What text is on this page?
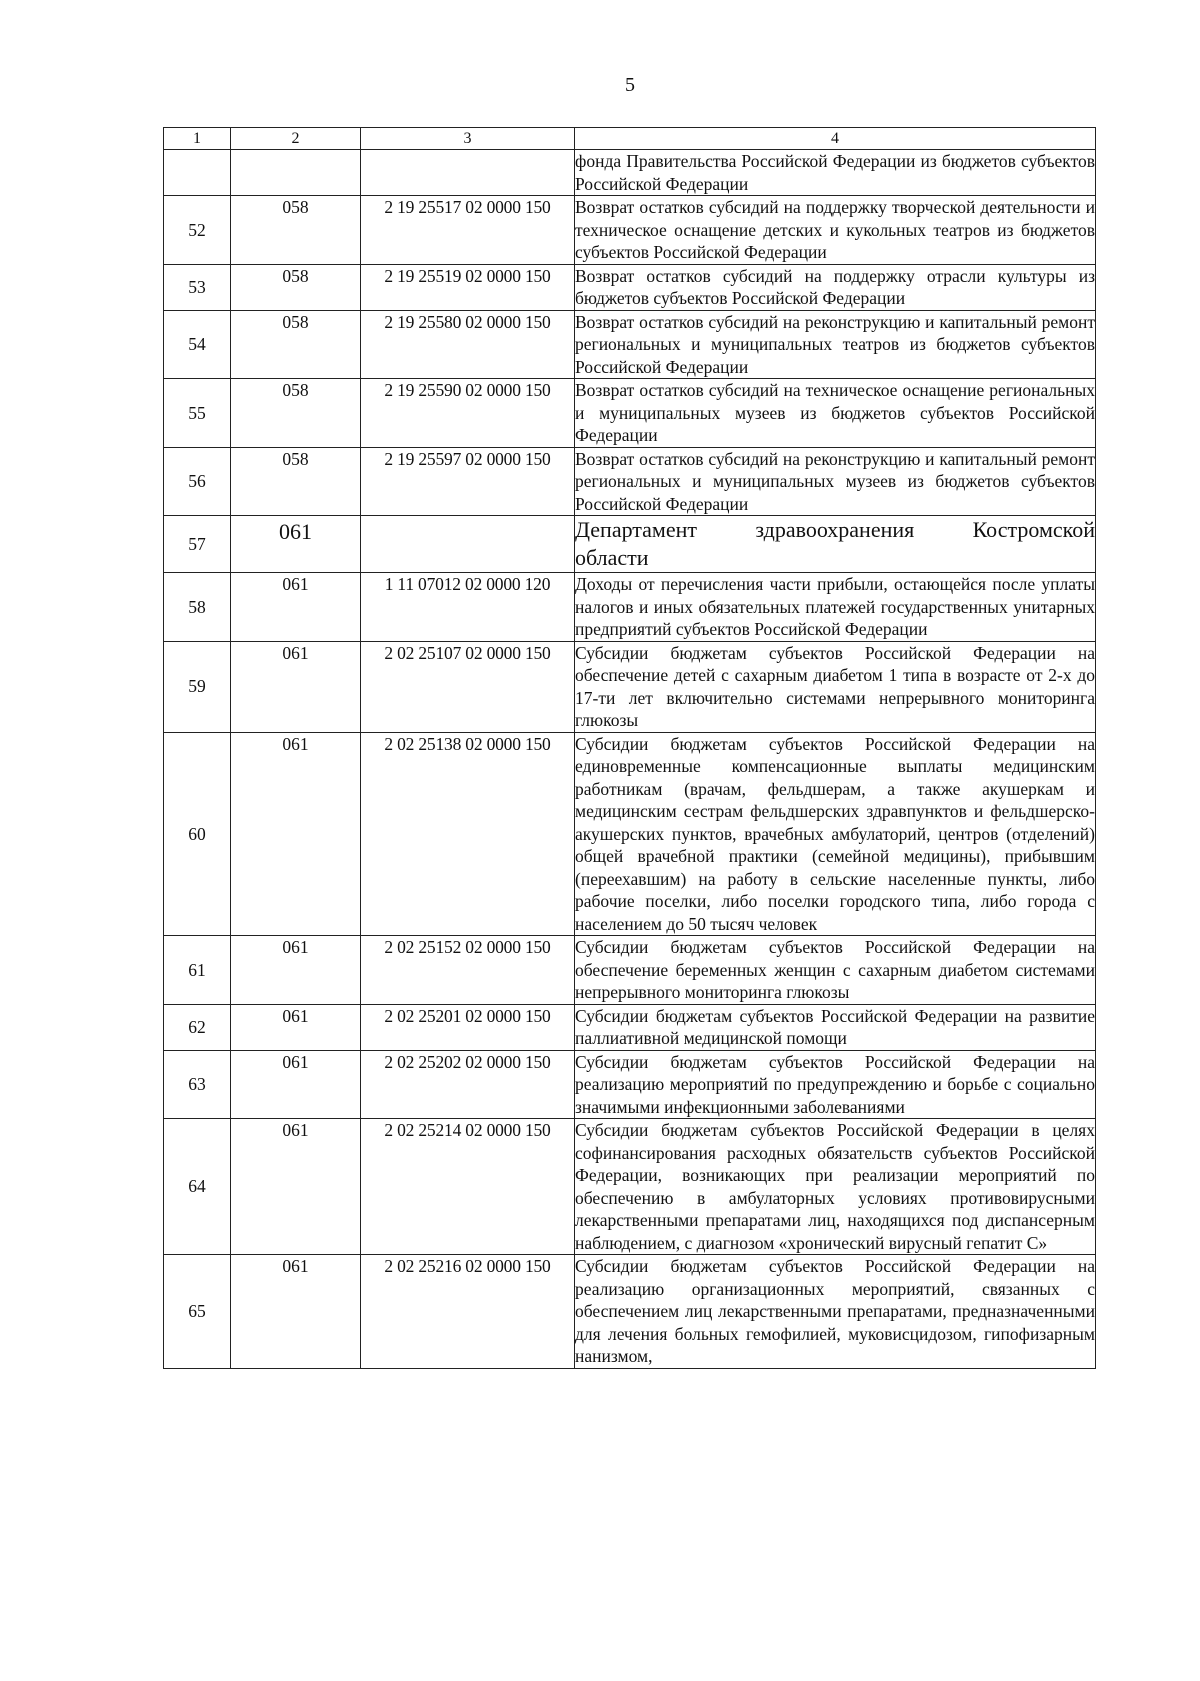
5
1	2	3	4
			фонда Правительства Российской Федерации из бюджетов субъектов Российской Федерации
52	058	2 19 25517 02 0000 150	Возврат остатков субсидий на поддержку творческой деятельности и техническое оснащение детских и кукольных театров из бюджетов субъектов Российской Федерации
53	058	2 19 25519 02 0000 150	Возврат остатков субсидий на поддержку отрасли культуры из бюджетов субъектов Российской Федерации
54	058	2 19 25580 02 0000 150	Возврат остатков субсидий на реконструкцию и капитальный ремонт региональных и муниципальных театров из бюджетов субъектов Российской Федерации
55	058	2 19 25590 02 0000 150	Возврат остатков субсидий на техническое оснащение региональных и муниципальных музеев из бюджетов субъектов Российской Федерации
56	058	2 19 25597 02 0000 150	Возврат остатков субсидий на реконструкцию и капитальный ремонт региональных и муниципальных музеев из бюджетов субъектов Российской Федерации
57	061		Департамент здравоохранения Костромской
области

58	061	1 11 07012 02 0000 120	Доходы от перечисления части прибыли, остающейся после уплаты налогов и иных обязательных платежей государственных унитарных предприятий субъектов Российской Федерации
59	061	2 02 25107 02 0000 150	Субсидии бюджетам субъектов Российской Федерации на обеспечение детей с сахарным диабетом 1 типа в возрасте от 2-х до 17-ти лет включительно системами непрерывного мониторинга глюкозы
60	061	2 02 25138 02 0000 150	Субсидии бюджетам субъектов Российской Федерации на единовременные компенсационные выплаты медицинским работникам (врачам, фельдшерам, а также акушеркам и медицинским сестрам фельдшерских здравпунктов и фельдшерско-акушерских пунктов, врачебных амбулаторий, центров (отделений) общей врачебной практики (семейной медицины), прибывшим (переехавшим) на работу в сельские населенные пункты, либо рабочие поселки, либо поселки городского типа, либо города с населением до 50 тысяч человек
61	061	2 02 25152 02 0000 150	Субсидии бюджетам субъектов Российской Федерации на обеспечение беременных женщин с сахарным диабетом системами непрерывного мониторинга глюкозы
62	061	2 02 25201 02 0000 150	Субсидии бюджетам субъектов Российской Федерации на развитие паллиативной медицинской помощи
63	061	2 02 25202 02 0000 150	Субсидии бюджетам субъектов Российской Федерации на реализацию мероприятий по предупреждению и борьбе с социально значимыми инфекционными заболеваниями
64	061	2 02 25214 02 0000 150	Субсидии бюджетам субъектов Российской Федерации в целях софинансирования расходных обязательств субъектов Российской Федерации, возникающих при реализации мероприятий по обеспечению в амбулаторных условиях противовирусными лекарственными препаратами лиц, находящихся под диспансерным наблюдением, с диагнозом «хронический вирусный гепатит С»
65	061	2 02 25216 02 0000 150	Субсидии бюджетам субъектов Российской Федерации на реализацию организационных мероприятий, связанных с обеспечением лиц лекарственными препаратами, предназначенными для лечения больных гемофилией, муковисцидозом, гипофизарным нанизмом,
